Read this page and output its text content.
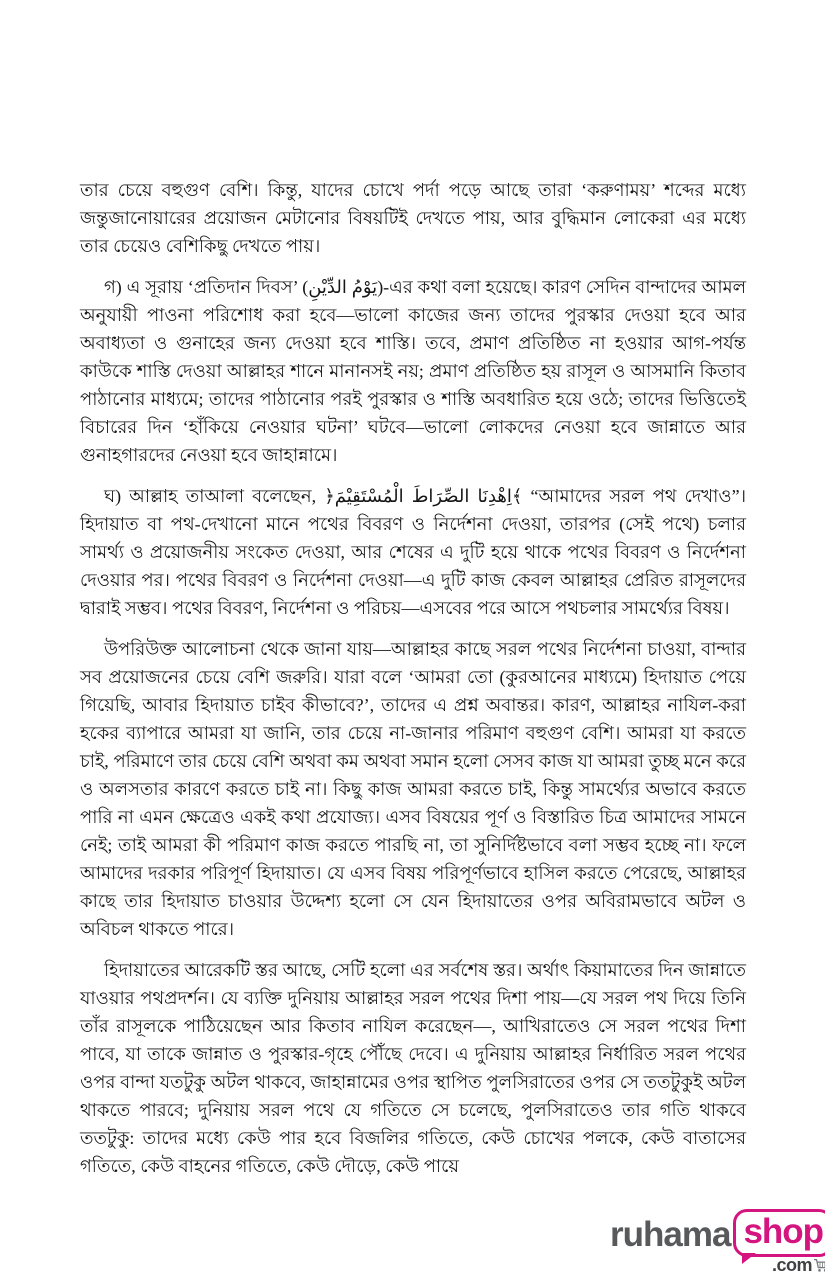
তার চেয়ে বহুগুণ বেশি। কিন্তু, যাদের চোখে পর্দা পড়ে আছে তারা ‘করুণাময়’ শব্দের মধ্যে জন্তুজানোয়ারের প্রয়োজন মেটানোর বিষয়টিই দেখতে পায়, আর বুদ্ধিমান লোকেরা এর মধ্যে তার চেয়েও বেশিকিছু দেখতে পায়।

গ) এ সূরায় ‘প্রতিদান দিবস’ (يَوْمُ الدِّيْنِ)-এর কথা বলা হয়েছে। কারণ সেদিন বান্দাদের আমল অনুযায়ী পাওনা পরিশোধ করা হবে—ভালো কাজের জন্য তাদের পুরস্কার দেওয়া হবে আর অবাধ্যতা ও গুনাহের জন্য দেওয়া হবে শাস্তি। তবে, প্রমাণ প্রতিষ্ঠিত না হওয়ার আগ-পর্যন্ত কাউকে শাস্তি দেওয়া আল্লাহর শানে মানানসই নয়; প্রমাণ প্রতিষ্ঠিত হয় রাসূল ও আসমানি কিতাব পাঠানোর মাধ্যমে; তাদের পাঠানোর পরই পুরস্কার ও শাস্তি অবধারিত হয়ে ওঠে; তাদের ভিত্তিতেই বিচারের দিন ‘হাঁকিয়ে নেওয়ার ঘটনা’ ঘটবে—ভালো লোকদের নেওয়া হবে জান্নাতে আর গুনাহগারদের নেওয়া হবে জাহান্নামে।

ঘ) আল্লাহ তাআলা বলেছেন, ﴿اِهْدِنَا الصِّرَاطَ الْمُسْتَقِيْمَ﴾ “আমাদের সরল পথ দেখাও”। হিদায়াত বা পথ-দেখানো মানে পথের বিবরণ ও নির্দেশনা দেওয়া, তারপর (সেই পথে) চলার সামর্থ্য ও প্রয়োজনীয় সংকেত দেওয়া, আর শেষের এ দুটি হয়ে থাকে পথের বিবরণ ও নির্দেশনা দেওয়ার পর। পথের বিবরণ ও নির্দেশনা দেওয়া—এ দুটি কাজ কেবল আল্লাহর প্রেরিত রাসূলদের দ্বারাই সম্ভব। পথের বিবরণ, নির্দেশনা ও পরিচয়—এসবের পরে আসে পথচলার সামর্থ্যের বিষয়।

উপরিউক্ত আলোচনা থেকে জানা যায়—আল্লাহর কাছে সরল পথের নির্দেশনা চাওয়া, বান্দার সব প্রয়োজনের চেয়ে বেশি জরুরি। যারা বলে ‘আমরা তো (কুরআনের মাধ্যমে) হিদায়াত পেয়ে গিয়েছি, আবার হিদায়াত চাইব কীভাবে?’, তাদের এ প্রশ্ন অবান্তর। কারণ, আল্লাহর নাযিল-করা হকের ব্যাপারে আমরা যা জানি, তার চেয়ে না-জানার পরিমাণ বহুগুণ বেশি। আমরা যা করতে চাই, পরিমাণে তার চেয়ে বেশি অথবা কম অথবা সমান হলো সেসব কাজ যা আমরা তুচ্ছ মনে করে ও অলসতার কারণে করতে চাই না। কিছু কাজ আমরা করতে চাই, কিন্তু সামর্থ্যের অভাবে করতে পারি না এমন ক্ষেত্রেও একই কথা প্রযোজ্য। এসব বিষয়ের পূর্ণ ও বিস্তারিত চিত্র আমাদের সামনে নেই; তাই আমরা কী পরিমাণ কাজ করতে পারছি না, তা সুনির্দিষ্টভাবে বলা সম্ভব হচ্ছে না। ফলে আমাদের দরকার পরিপূর্ণ হিদায়াত। যে এসব বিষয় পরিপূর্ণভাবে হাসিল করতে পেরেছে, আল্লাহর কাছে তার হিদায়াত চাওয়ার উদ্দেশ্য হলো সে যেন হিদায়াতের ওপর অবিরামভাবে অটল ও অবিচল থাকতে পারে।

হিদায়াতের আরেকটি স্তর আছে, সেটি হলো এর সর্বশেষ স্তর। অর্থাৎ কিয়ামাতের দিন জান্নাতে যাওয়ার পথপ্রদর্শন। যে ব্যক্তি দুনিয়ায় আল্লাহর সরল পথের দিশা পায়—যে সরল পথ দিয়ে তিনি তাঁর রাসূলকে পাঠিয়েছেন আর কিতাব নাযিল করেছেন—, আখিরাতেও সে সরল পথের দিশা পাবে, যা তাকে জান্নাত ও পুরস্কার-গৃহে পৌঁছে দেবে। এ দুনিয়ায় আল্লাহর নির্ধারিত সরল পথের ওপর বান্দা যতটুকু অটল থাকবে, জাহান্নামের ওপর স্থাপিত পুলসিরাতের ওপর সে ততটুকুই অটল থাকতে পারবে; দুনিয়ায় সরল পথে যে গতিতে সে চলেছে, পুলসিরাতেও তার গতি থাকবে ততটুকু: তাদের মধ্যে কেউ পার হবে বিজলির গতিতে, কেউ চোখের পলকে, কেউ বাতাসের গতিতে, কেউ বাহনের গতিতে, কেউ দৌড়ে, কেউ পায়ে

ruhama shop
.com
